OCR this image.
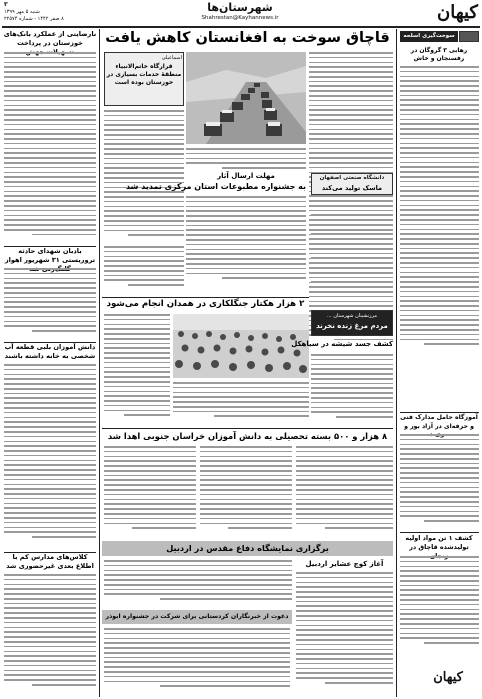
۳
شنبه ۵ مهر ۱۳۹۹
۸ صفر ۱۴۴۲ - شماره ۲۲۵۷۴
شهرستان‌ها
Shahrestan@Kayhannews.ir	کیهان
نارضایتی از عملکرد بانک‌های خوزستان در پرداخت
بادبان شهدای حادثه تروریستی ۳۱ شهریور اهواز
دانش آموزان بلبی قطعه آب شخصی به خانه داشته باشند
کلاس‌های مدارس کم با اطلاع بعدی غیرحضوری شد
قاچاق سوخت به افغانستان کاهش یافت
اسماعیلی
قرارگاه خاتم‌الانبیاء منطقهٔ خدمات بسیاری در خوزستان بوده است
مهلت ارسال آثار
به جشنواره مطبوعات استان مرکزی تمدید شد
دانشگاه صنعتی اصفهان
ماسک تولید می‌کند
۲ هزار هکتار جنگلکاری در همدان انجام می‌شود
مرزنشینان شهرستان ...
مردم مرغ زنده نخرند
کشف جسد شیشه در سیاهکل
۸ هزار و ۵۰۰ بسته تحصیلی به دانش آموزان خراسان جنوبی اهدا شد
برگزاری نمایشگاه دفاع مقدس در اردبیل
آغاز کوچ عشایر اردبیل
دعوت از خبرنگاران کردستانی برای شرکت در جشنواره ابوذر
سوخت‌گیری اسلحه
رهایی ۳ گروگان در رفسنجان و خاش
آموزگاه حامل مدارک فنی و حرفه‌ای در آزاد بور و
کشف ۱ تن مواد اولیه تولیدشده قاچاق در
کیهان
